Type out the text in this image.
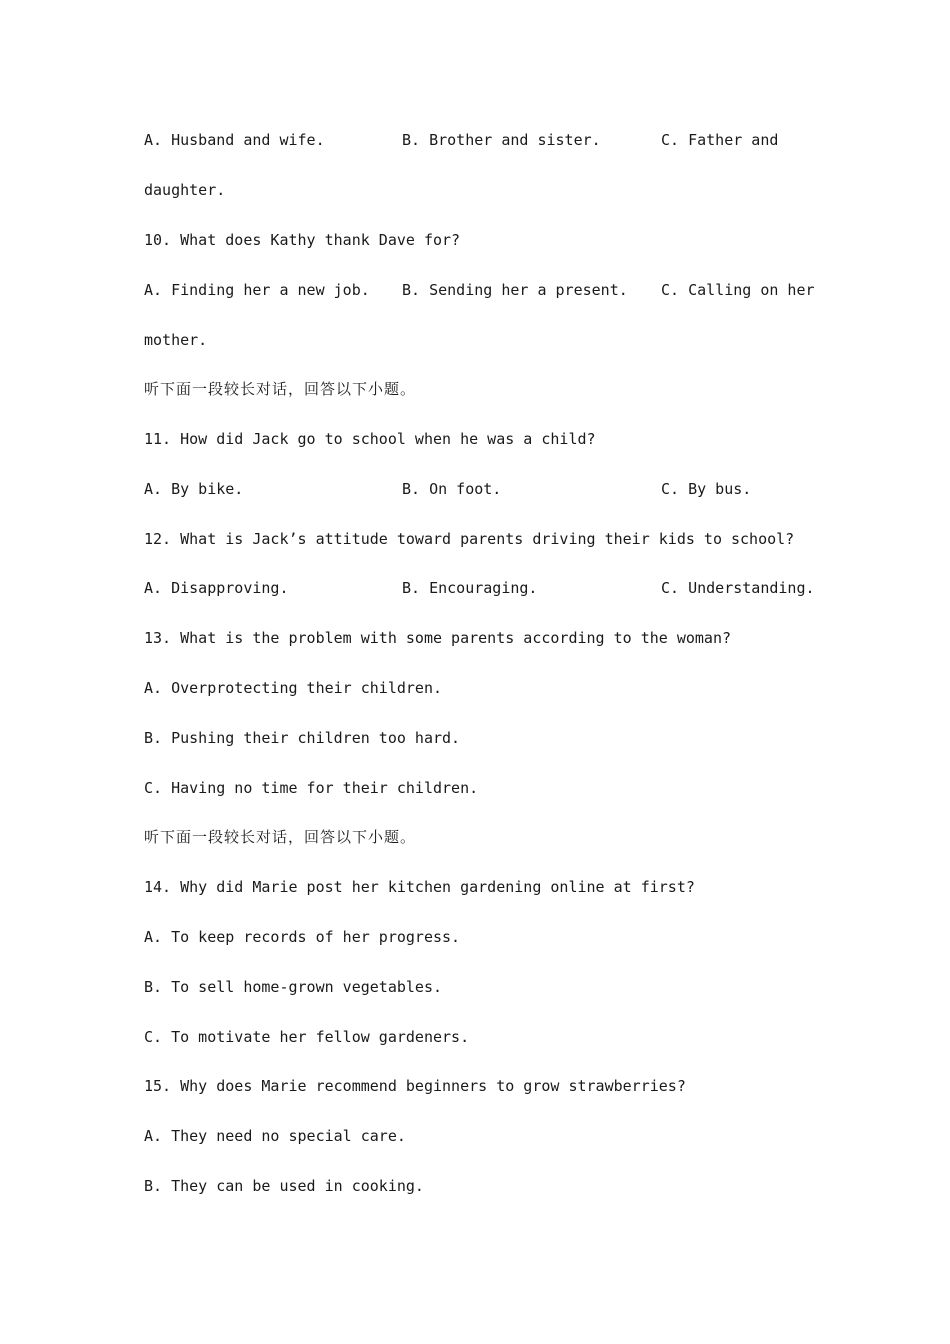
A. Husband and wife.	B. Brother and sister.	C. Father and
daughter.
10. What does Kathy thank Dave for?
A. Finding her a new job. B. Sending her a present. C. Calling on her
mother.
听下面一段较长对话，回答以下小题。
11. How did Jack go to school when he was a child?
A. By bike.	B. On foot.	C. By bus.
12. What is Jack’s attitude toward parents driving their kids to school?
A. Disapproving.	B. Encouraging.	C. Understanding.
13. What is the problem with some parents according to the woman?
A. Overprotecting their children.
B. Pushing their children too hard.
C. Having no time for their children.
听下面一段较长对话，回答以下小题。
14. Why did Marie post her kitchen gardening online at first?
A. To keep records of her progress.
B. To sell home-grown vegetables.
C. To motivate her fellow gardeners.
15. Why does Marie recommend beginners to grow strawberries?
A. They need no special care.
B. They can be used in cooking.
